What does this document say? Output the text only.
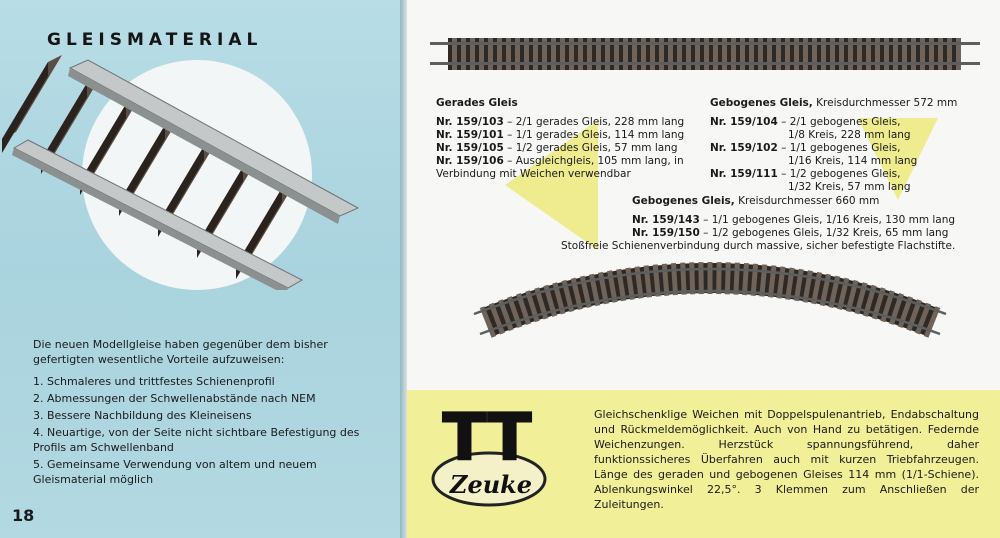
GLEISMATERIAL
Die neuen Modellgleise haben gegenüber dem bisher gefertigten wesentliche Vorteile aufzuweisen:
1. Schmaleres und trittfestes Schienenprofil
2. Abmessungen der Schwellenabstände nach NEM
3. Bessere Nachbildung des Kleineisens
4. Neuartige, von der Seite nicht sichtbare Befestigung des Profils am Schwellenband
5. Gemeinsame Verwendung von altem und neuem Gleismaterial möglich
18
Gerades Gleis
Nr. 159/103 – 2/1 gerades Gleis, 228 mm lang
Nr. 159/101 – 1/1 gerades Gleis, 114 mm lang
Nr. 159/105 – 1/2 gerades Gleis, 57 mm lang
Nr. 159/106 – Ausgleichgleis, 105 mm lang, in
Verbindung mit Weichen verwendbar
Gebogenes Gleis, Kreisdurchmesser 572 mm
Nr. 159/104 – 2/1 gebogenes Gleis,
1/8 Kreis, 228 mm lang
Nr. 159/102 – 1/1 gebogenes Gleis,
1/16 Kreis, 114 mm lang
Nr. 159/111 – 1/2 gebogenes Gleis,
1/32 Kreis, 57 mm lang
Gebogenes Gleis, Kreisdurchmesser 660 mm
Nr. 159/143 – 1/1 gebogenes Gleis, 1/16 Kreis, 130 mm lang
Nr. 159/150 – 1/2 gebogenes Gleis, 1/32 Kreis, 65 mm lang
Stoßfreie Schienenverbindung durch massive, sicher befestigte Flachstifte.
TT
Zeuke
Gleichschenklige Weichen mit Doppelspulenantrieb, Endabschaltung und Rückmeldemöglichkeit. Auch von Hand zu betätigen. Federnde Weichenzungen. Herzstück spannungsführend, daher funktionssicheres Überfahren auch mit kurzen Triebfahrzeugen. Länge des geraden und gebogenen Gleises 114 mm (1/1-Schiene). Ablenkungswinkel 22,5°. 3 Klemmen zum Anschließen der Zuleitungen.
